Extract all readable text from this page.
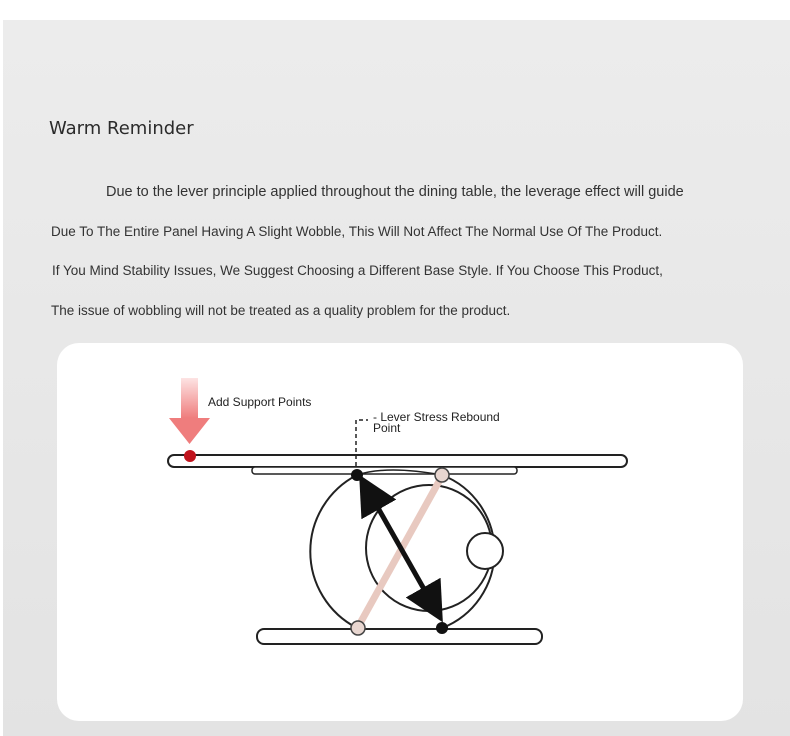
Warm Reminder
Due to the lever principle applied throughout the dining table, the leverage effect will guide
Due To The Entire Panel Having A Slight Wobble, This Will Not Affect The Normal Use Of The Product.
If You Mind Stability Issues, We Suggest Choosing a Different Base Style. If You Choose This Product,
The issue of wobbling will not be treated as a quality problem for the product.
Add Support Points
- Lever Stress Rebound
Point
